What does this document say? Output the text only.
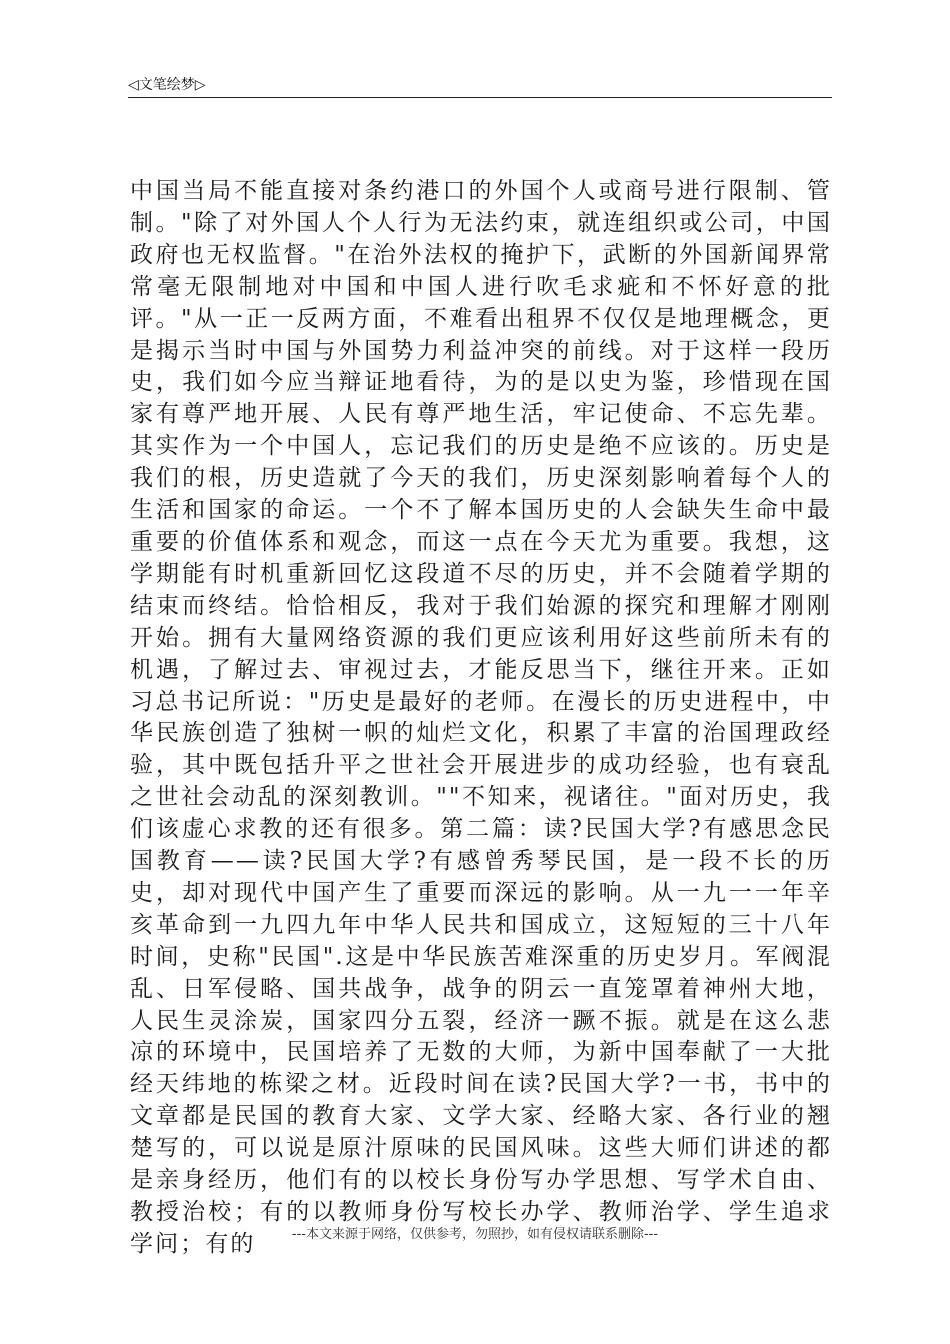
◁文笔绘梦▷

中国当局不能直接对条约港口的外国个人或商号进行限制、管制。"除了对外国人个人行为无法约束，就连组织或公司，中国政府也无权监督。"在治外法权的掩护下，武断的外国新闻界常常毫无限制地对中国和中国人进行吹毛求疵和不怀好意的批评。"从一正一反两方面，不难看出租界不仅仅是地理概念，更是揭示当时中国与外国势力利益冲突的前线。对于这样一段历史，我们如今应当辩证地看待，为的是以史为鉴，珍惜现在国家有尊严地开展、人民有尊严地生活，牢记使命、不忘先辈。其实作为一个中国人，忘记我们的历史是绝不应该的。历史是我们的根，历史造就了今天的我们，历史深刻影响着每个人的生活和国家的命运。一个不了解本国历史的人会缺失生命中最重要的价值体系和观念，而这一点在今天尤为重要。我想，这学期能有时机重新回忆这段道不尽的历史，并不会随着学期的结束而终结。恰恰相反，我对于我们始源的探究和理解才刚刚开始。拥有大量网络资源的我们更应该利用好这些前所未有的机遇，了解过去、审视过去，才能反思当下，继往开来。正如习总书记所说："历史是最好的老师。在漫长的历史进程中，中华民族创造了独树一帜的灿烂文化，积累了丰富的治国理政经验，其中既包括升平之世社会开展进步的成功经验，也有衰乱之世社会动乱的深刻教训。""不知来，视诸往。"面对历史，我们该虚心求教的还有很多。第二篇：读?民国大学?有感思念民国教育——读?民国大学?有感曾秀琴民国，是一段不长的历史，却对现代中国产生了重要而深远的影响。从一九一一年辛亥革命到一九四九年中华人民共和国成立，这短短的三十八年时间，史称"民国".这是中华民族苦难深重的历史岁月。军阀混乱、日军侵略、国共战争，战争的阴云一直笼罩着神州大地，人民生灵涂炭，国家四分五裂，经济一蹶不振。就是在这么悲凉的环境中，民国培养了无数的大师，为新中国奉献了一大批经天纬地的栋梁之材。近段时间在读?民国大学?一书，书中的文章都是民国的教育大家、文学大家、经略大家、各行业的翘楚写的，可以说是原汁原味的民国风味。这些大师们讲述的都是亲身经历，他们有的以校长身份写办学思想、写学术自由、教授治校；有的以教师身份写校长办学、教师治学、学生追求学问；有的	---本文来源于网络，仅供参考，勿照抄，如有侵权请联系删除---
